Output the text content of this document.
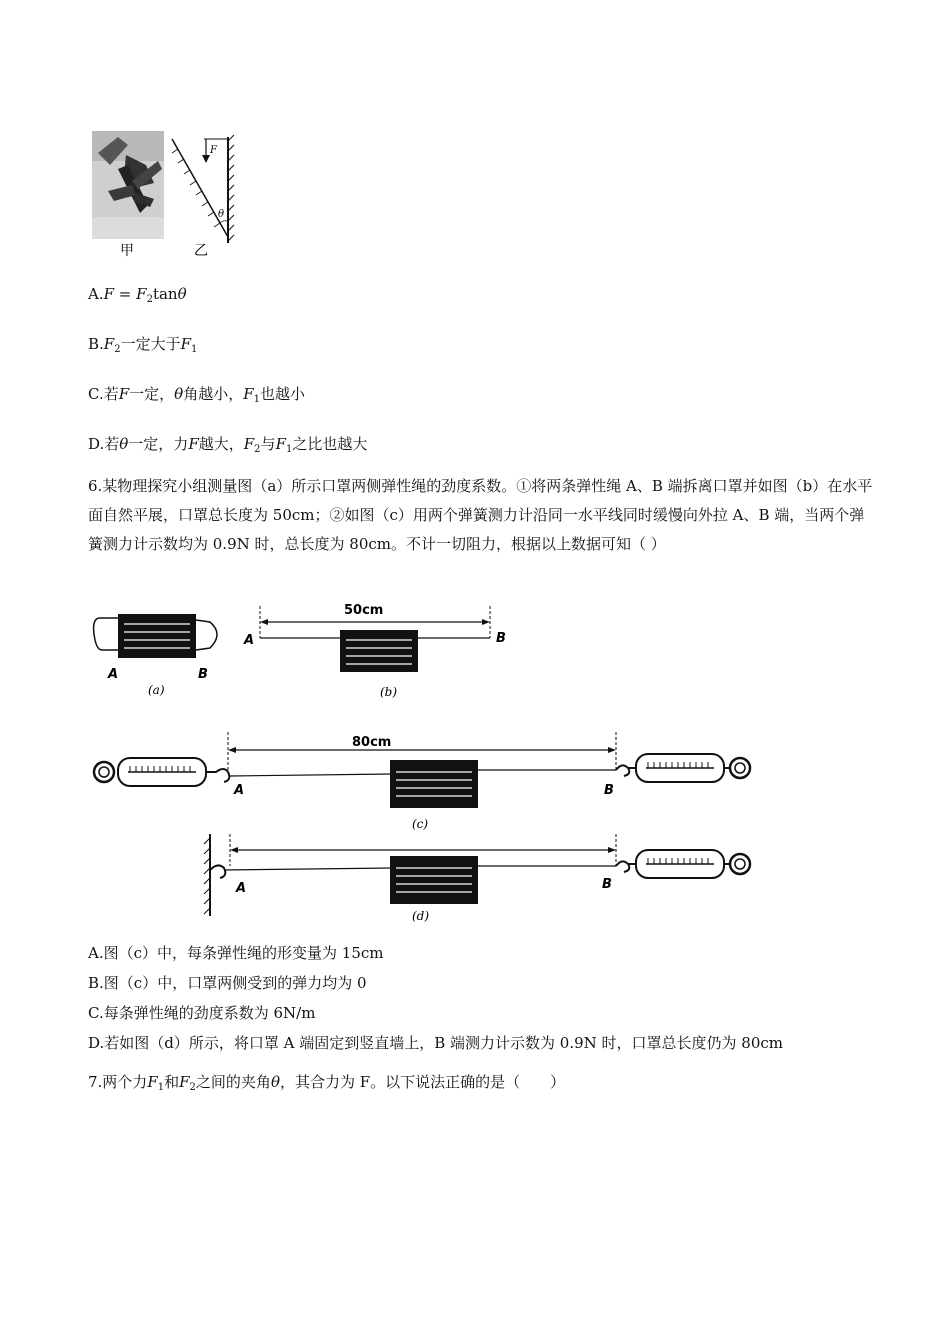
甲
F
θ
乙
$A.F = F_2\tan\theta$
$B.F_2$一定大于$F_1$
C.若F一定，θ角越小，$F_1$也越小
D.若θ一定，力F越大，$F_2$与$F_1$之比也越大
6.某物理探究小组测量图（a）所示口罩两侧弹性绳的劲度系数。①将两条弹性绳 A、B 端拆离口罩并如图（b）在水平面自然平展，口罩总长度为 50cm；②如图（c）用两个弹簧测力计沿同一水平线同时缓慢向外拉 A、B 端，当两个弹簧测力计示数均为 0.9N 时，总长度为 80cm。不计一切阻力，根据以上数据可知（ ）
A	B
(a)
50cm
A	B
(b)
80cm
A	B
(c)
A	B
(d)
A.图（c）中，每条弹性绳的形变量为 15cm
B.图（c）中，口罩两侧受到的弹力均为 0
C.每条弹性绳的劲度系数为 6N/m
D.若如图（d）所示，将口罩 A 端固定到竖直墙上，B 端测力计示数为 0.9N 时，口罩总长度仍为 80cm
7.两个力$F_1$和$F_2$之间的夹角θ，其合力为 F。以下说法正确的是（　　）
